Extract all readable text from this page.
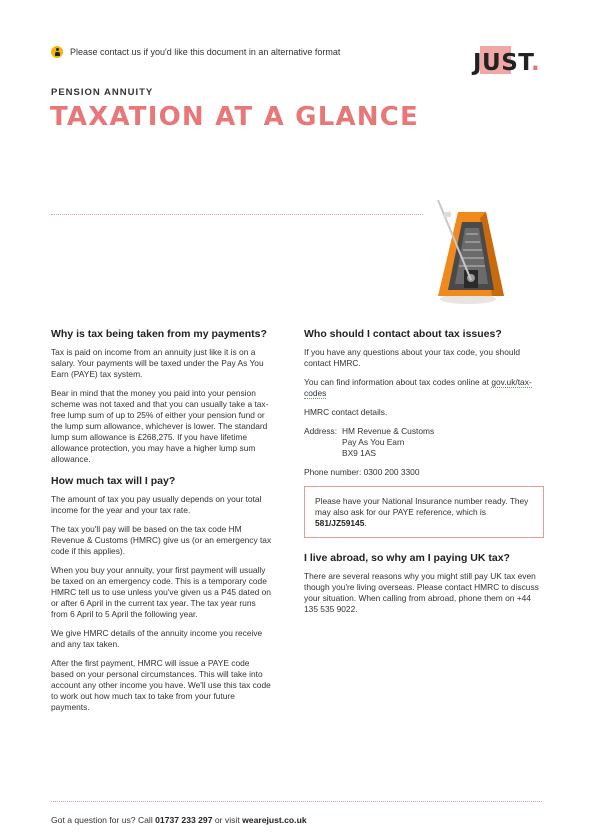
Please contact us if you'd like this document in an alternative format	JUST.
PENSION ANNUITY
TAXATION AT A GLANCE
Why is tax being taken from my payments?

Tax is paid on income from an annuity just like it is on a salary. Your payments will be taxed under the Pay As You Earn (PAYE) tax system.

Bear in mind that the money you paid into your pension scheme was not taxed and that you can usually take a tax-free lump sum of up to 25% of either your pension fund or the lump sum allowance, whichever is lower. The standard lump sum allowance is £268,275. If you have lifetime allowance protection, you may have a higher lump sum allowance.

How much tax will I pay?

The amount of tax you pay usually depends on your total income for the year and your tax rate.

The tax you'll pay will be based on the tax code HM Revenue & Customs (HMRC) give us (or an emergency tax code if this applies).

When you buy your annuity, your first payment will usually be taxed on an emergency code. This is a temporary code HMRC tell us to use unless you've given us a P45 dated on or after 6 April in the current tax year. The tax year runs from 6 April to 5 April the following year.

We give HMRC details of the annuity income you receive and any tax taken.

After the first payment, HMRC will issue a PAYE code based on your personal circumstances. This will take into account any other income you have. We'll use this tax code to work out how much tax to take from your future payments.

Who should I contact about tax issues?

If you have any questions about your tax code, you should contact HMRC.

You can find information about tax codes online at gov.uk/tax-codes

HMRC contact details.

Address: HM Revenue & Customs
Pay As You Earn
BX9 1AS

Phone number: 0300 200 3300

Please have your National Insurance number ready. They may also ask for our PAYE reference, which is 581/JZ59145.

I live abroad, so why am I paying UK tax?

There are several reasons why you might still pay UK tax even though you're living overseas. Please contact HMRC to discuss your situation. When calling from abroad, phone them on +44 135 535 9022.

Got a question for us? Call 01737 233 297 or visit wearejust.co.uk
